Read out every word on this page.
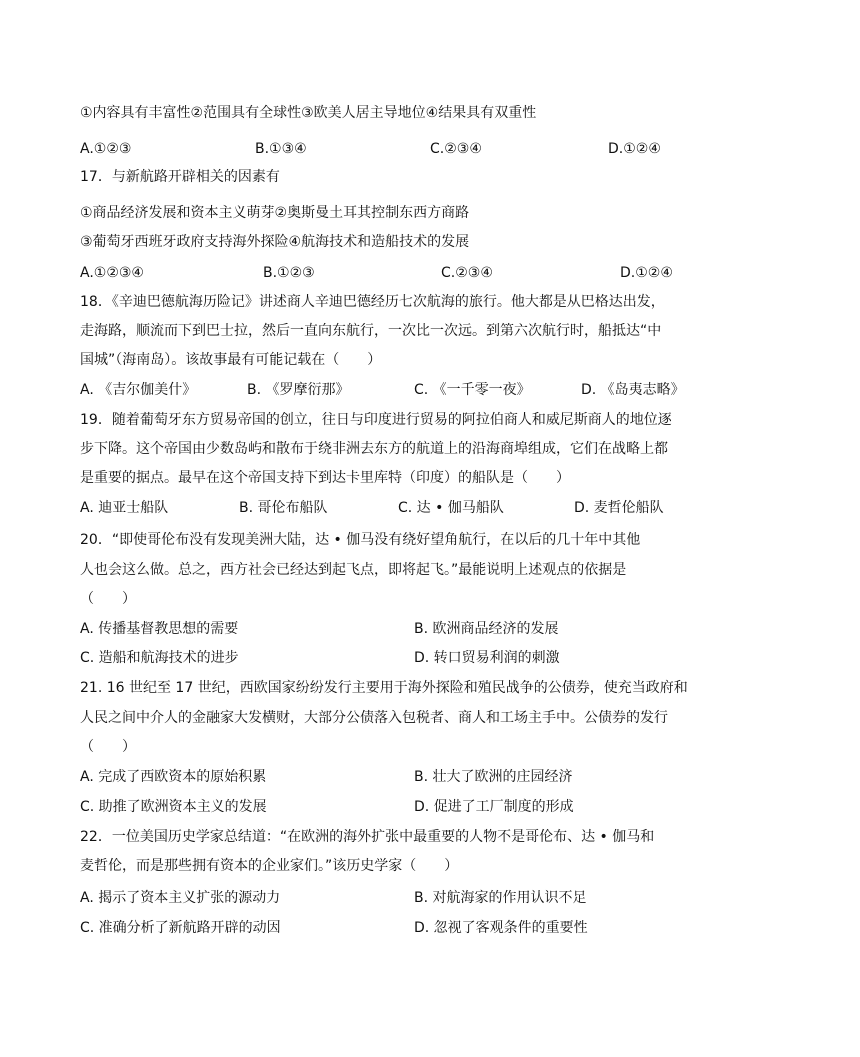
①内容具有丰富性②范围具有全球性③欧美人居主导地位④结果具有双重性
A.①②③	B.①③④	C.②③④	D.①②④
17．与新航路开辟相关的因素有
①商品经济发展和资本主义萌芽②奥斯曼土耳其控制东西方商路
③葡萄牙西班牙政府支持海外探险④航海技术和造船技术的发展
A.①②③④	B.①②③	C.②③④	D.①②④
18．《辛迪巴德航海历险记》讲述商人辛迪巴德经历七次航海的旅行。他大都是从巴格达出发，
走海路，顺流而下到巴士拉，然后一直向东航行，一次比一次远。到第六次航行时，船抵达“中
国城”（海南岛）。该故事最有可能记载在（　　）
A. 《吉尔伽美什》	B. 《罗摩衍那》	C. 《一千零一夜》	D. 《岛夷志略》
19．随着葡萄牙东方贸易帝国的创立，往日与印度进行贸易的阿拉伯商人和威尼斯商人的地位逐
步下降。这个帝国由少数岛屿和散布于绕非洲去东方的航道上的沿海商埠组成，它们在战略上都
是重要的据点。最早在这个帝国支持下到达卡里库特（印度）的船队是（　　）
A. 迪亚士船队	B. 哥伦布船队	C. 达 • 伽马船队	D. 麦哲伦船队
20．“即使哥伦布没有发现美洲大陆，达 • 伽马没有绕好望角航行，在以后的几十年中其他
人也会这么做。总之，西方社会已经达到起飞点，即将起飞。”最能说明上述观点的依据是
（　　）
A. 传播基督教思想的需要	B. 欧洲商品经济的发展
C. 造船和航海技术的进步	D. 转口贸易利润的刺激
21. 16 世纪至 17 世纪，西欧国家纷纷发行主要用于海外探险和殖民战争的公债券，使充当政府和
人民之间中介人的金融家大发横财，大部分公债落入包税者、商人和工场主手中。公债券的发行
（　　）
A. 完成了西欧资本的原始积累	B. 壮大了欧洲的庄园经济
C. 助推了欧洲资本主义的发展	D. 促进了工厂制度的形成
22．一位美国历史学家总结道：“在欧洲的海外扩张中最重要的人物不是哥伦布、达 • 伽马和
麦哲伦，而是那些拥有资本的企业家们。”该历史学家（　　）
A. 揭示了资本主义扩张的源动力	B. 对航海家的作用认识不足
C. 准确分析了新航路开辟的动因	D. 忽视了客观条件的重要性
